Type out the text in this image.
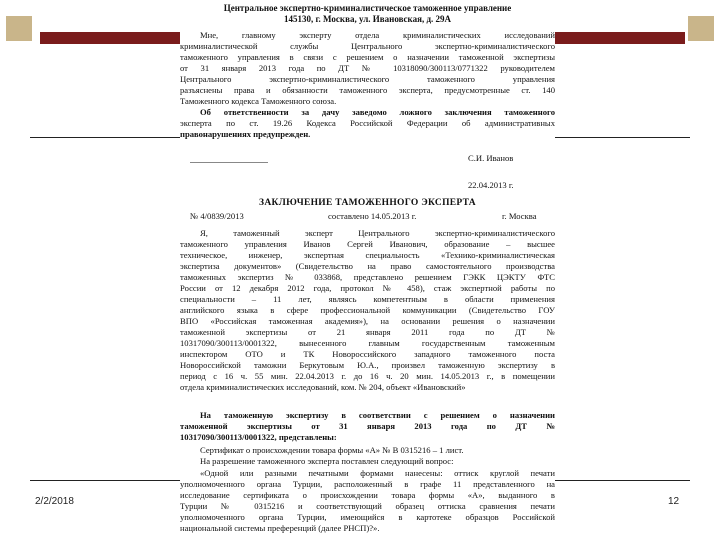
Центральное экспертно-криминалистическое таможенное управление
145130, г. Москва, ул. Ивановская, д. 29А
Мне, главному эксперту отдела криминалистических исследований
криминалистической службы Центрального экспертно-криминалистического
таможенного управления в связи с решением о назначении таможенной экспертизы
от 31 января 2013 года по ДТ № 10318090/300113/0771322 руководителем
Центрального экспертно-криминалистического таможенного управления
разъяснены права и обязанности таможенного эксперта, предусмотренные ст. 140
Таможенного кодекса Таможенного союза.
Об ответственности за дачу заведомо ложного заключения таможенного
эксперта по ст. 19.26 Кодекса Российской Федерации об административных
правонарушениях предупрежден.
С.И. Иванов
22.04.2013 г.
ЗАКЛЮЧЕНИЕ ТАМОЖЕННОГО ЭКСПЕРТА
№ 4/0839/2013	составлено 14.05.2013 г.	г. Москва
Я, таможенный эксперт Центрального экспертно-криминалистического
таможенного управления Иванов Сергей Иванович, образование – высшее
техническое, инженер, экспертная специальность «Технико-криминалистическая
экспертиза документов» (Свидетельство на право самостоятельного производства
таможенных экспертиз № 033868, представлено решением ГЭКК ЦЭКТУ ФТС
России от 12 декабря 2012 года, протокол № 458), стаж экспертной работы по
специальности – 11 лет, являясь компетентным в области применения
английского языка в сфере профессиональной коммуникации (Свидетельство ГОУ
ВПО «Российская таможенная академия»), на основании решения о назначении
таможенной экспертизы от 21 января 2011 года по ДТ №
10317090/300113/0001322, вынесенного главным государственным таможенным
инспектором ОТО и ТК Новороссийского западного таможенного поста
Новороссийской таможни Беркутовым Ю.А., произвел таможенную экспертизу в
период с 16 ч. 55 мин. 22.04.2013 г. до 16 ч. 20 мин. 14.05.2013 г., в помещении
отдела криминалистических исследований, ком. № 204, объект «Ивановский»
На таможенную экспертизу в соответствии с решением о назначении
таможенной экспертизы от 31 января 2013 года по ДТ №
10317090/300113/0001322, представлены:
Сертификат о происхождении товара формы «А» № В 0315216 – 1 лист.
На разрешение таможенного эксперта поставлен следующий вопрос:
«Одной или разными печатными формами нанесены: оттиск круглой печати
уполномоченного органа Турции, расположенный в графе 11 представленного на
исследование сертификата о происхождении товара формы «А», выданного в
Турции № 0315216 и соответствующий образец оттиска сравнения печати
уполномоченного органа Турции, имеющийся в картотеке образцов Российской
национальной системы преференций (далее РНСП)?».
2/2/2018	12
